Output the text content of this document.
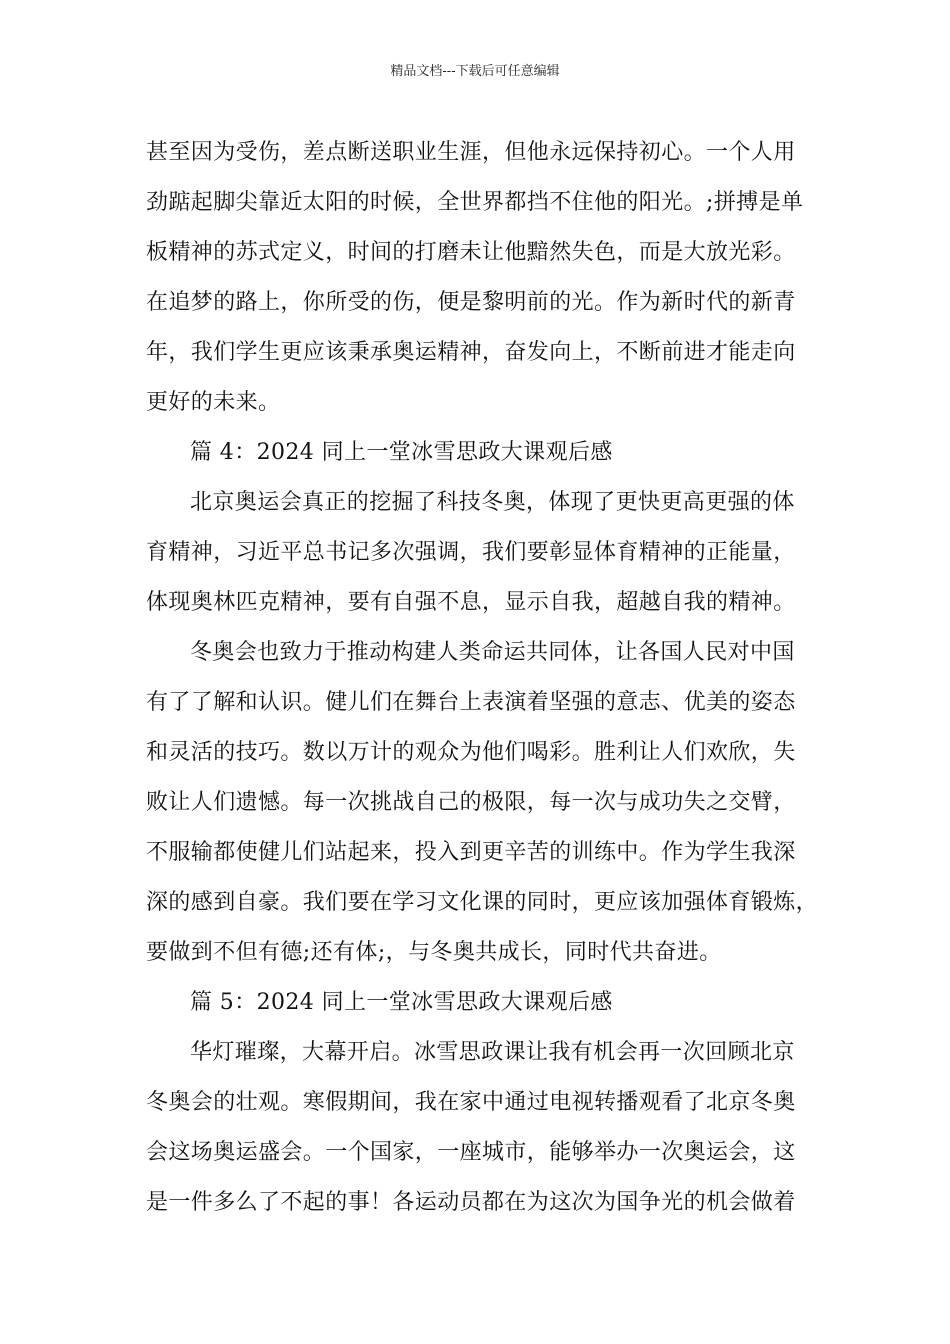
精品文档---下载后可任意编辑
甚至因为受伤，差点断送职业生涯，但他永远保持初心。一个人用
劲踮起脚尖靠近太阳的时候，全世界都挡不住他的阳光。;拼搏是单
板精神的苏式定义，时间的打磨未让他黯然失色，而是大放光彩。
在追梦的路上，你所受的伤，便是黎明前的光。作为新时代的新青
年，我们学生更应该秉承奥运精神，奋发向上，不断前进才能走向
更好的未来。
篇 4：2024 同上一堂冰雪思政大课观后感
北京奥运会真正的挖掘了科技冬奥，体现了更快更高更强的体
育精神，习近平总书记多次强调，我们要彰显体育精神的正能量，
体现奥林匹克精神，要有自强不息，显示自我，超越自我的精神。
冬奥会也致力于推动构建人类命运共同体，让各国人民对中国
有了了解和认识。健儿们在舞台上表演着坚强的意志、优美的姿态
和灵活的技巧。数以万计的观众为他们喝彩。胜利让人们欢欣，失
败让人们遗憾。每一次挑战自己的极限，每一次与成功失之交臂，
不服输都使健儿们站起来，投入到更辛苦的训练中。作为学生我深
深的感到自豪。我们要在学习文化课的同时，更应该加强体育锻炼，
要做到不但有德;还有体;，与冬奥共成长，同时代共奋进。
篇 5：2024 同上一堂冰雪思政大课观后感
华灯璀璨，大幕开启。冰雪思政课让我有机会再一次回顾北京
冬奥会的壮观。寒假期间，我在家中通过电视转播观看了北京冬奥
会这场奥运盛会。一个国家，一座城市，能够举办一次奥运会，这
是一件多么了不起的事！各运动员都在为这次为国争光的机会做着
